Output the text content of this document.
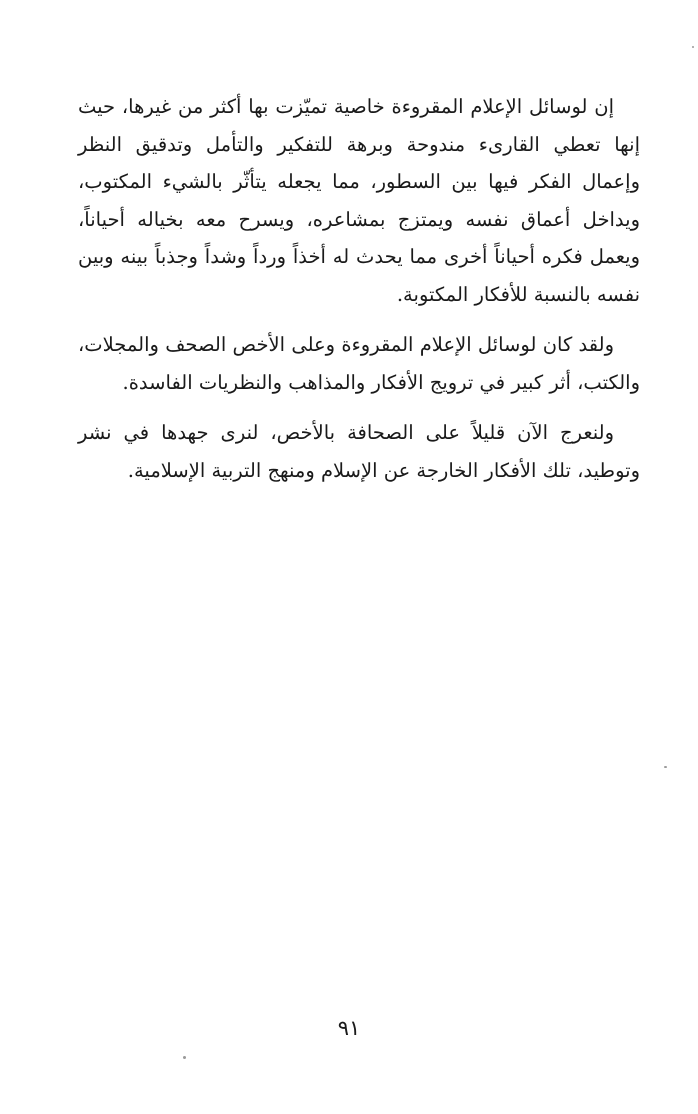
إن لوسائل الإعلام المقروءة خاصية تميّزت بها أكثر من غيرها، حيث إنها تعطي القارىء مندوحة وبرهة للتفكير والتأمل وتدقيق النظر وإعمال الفكر فيها بين السطور، مما يجعله يتأثّر بالشيء المكتوب، ويداخل أعماق نفسه ويمتزج بمشاعره، ويسرح معه بخياله أحياناً، ويعمل فكره أحياناً أخرى مما يحدث له أخذاً ورداً وشداً وجذباً بينه وبين نفسه بالنسبة للأفكار المكتوبة.

ولقد كان لوسائل الإعلام المقروءة وعلى الأخص الصحف والمجلات، والكتب، أثر كبير في ترويج الأفكار والمذاهب والنظريات الفاسدة.

ولنعرج الآن قليلاً على الصحافة بالأخص، لنرى جهدها في نشر وتوطيد، تلك الأفكار الخارجة عن الإسلام ومنهج التربية الإسلامية.

٩١
